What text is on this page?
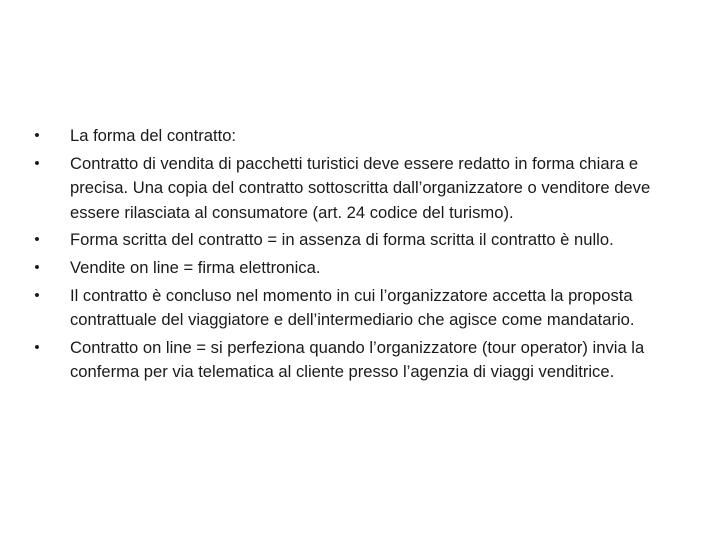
• La forma del contratto:
• Contratto di vendita di pacchetti turistici deve essere redatto in forma chiara e precisa. Una copia del contratto sottoscritta dall’organizzatore o venditore deve essere rilasciata al consumatore (art. 24 codice del turismo).
• Forma scritta del contratto = in assenza di forma scritta il contratto è nullo.
• Vendite on line = firma elettronica.
• Il contratto è concluso nel momento in cui l’organizzatore accetta la proposta contrattuale del viaggiatore e dell’intermediario che agisce come mandatario.
• Contratto on line = si perfeziona quando l’organizzatore (tour operator) invia la conferma per via telematica al cliente presso l’agenzia di viaggi venditrice.
